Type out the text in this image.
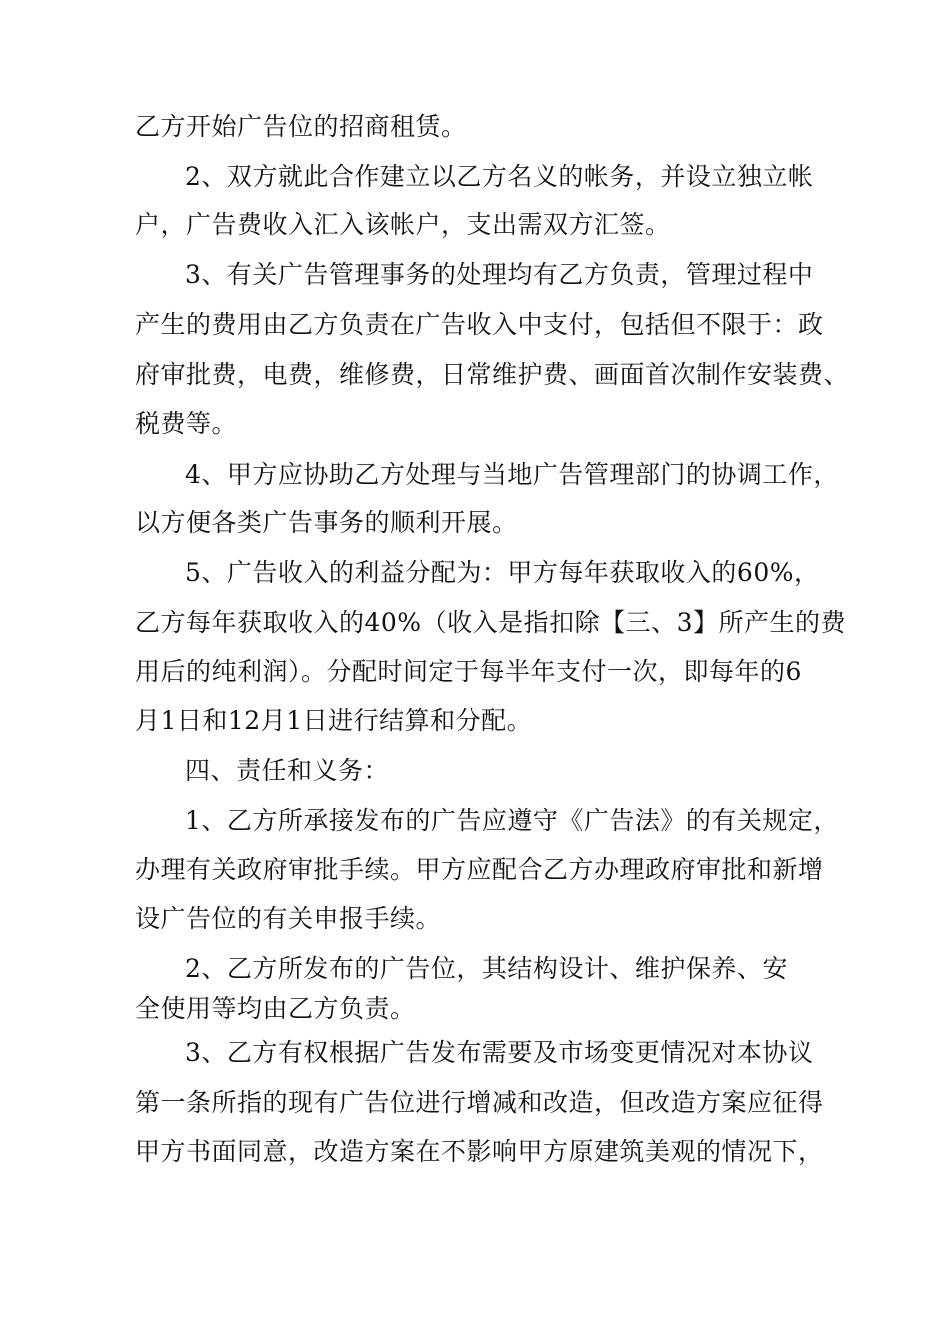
乙方开始广告位的招商租赁。
2、双方就此合作建立以乙方名义的帐务，并设立独立帐
户，广告费收入汇入该帐户，支出需双方汇签。
3、有关广告管理事务的处理均有乙方负责，管理过程中
产生的费用由乙方负责在广告收入中支付，包括但不限于：政
府审批费，电费，维修费，日常维护费、画面首次制作安装费、
税费等。
4、甲方应协助乙方处理与当地广告管理部门的协调工作，
以方便各类广告事务的顺利开展。
5、广告收入的利益分配为：甲方每年获取收入的60%，
乙方每年获取收入的40%（收入是指扣除【三、3】所产生的费
用后的纯利润）。分配时间定于每半年支付一次，即每年的6
月1日和12月1日进行结算和分配。
四、责任和义务：
1、乙方所承接发布的广告应遵守《广告法》的有关规定，
办理有关政府审批手续。甲方应配合乙方办理政府审批和新增
设广告位的有关申报手续。
2、乙方所发布的广告位，其结构设计、维护保养、安
全使用等均由乙方负责。
3、乙方有权根据广告发布需要及市场变更情况对本协议
第一条所指的现有广告位进行增减和改造，但改造方案应征得
甲方书面同意，改造方案在不影响甲方原建筑美观的情况下，
